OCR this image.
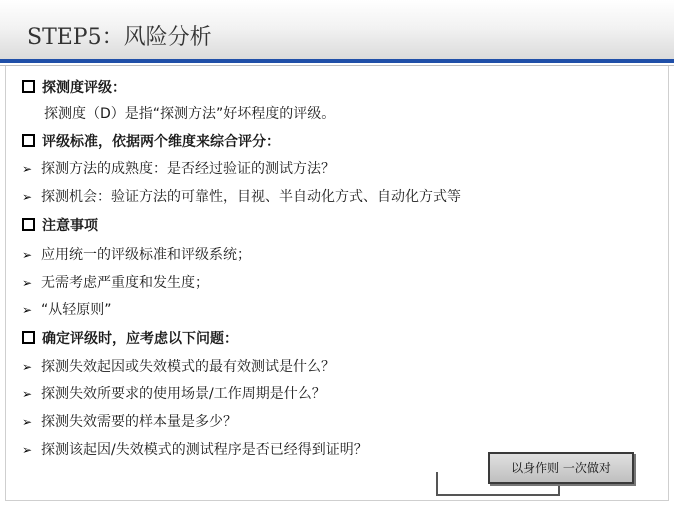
STEP5：风险分析
探测度评级：
探测度（D）是指“探测方法”好坏程度的评级。
评级标准，依据两个维度来综合评分：
➢ 探测方法的成熟度：是否经过验证的测试方法？
➢ 探测机会：验证方法的可靠性，目视、半自动化方式、自动化方式等
注意事项
➢ 应用统一的评级标准和评级系统；
➢ 无需考虑严重度和发生度；
➢ “从轻原则”
确定评级时，应考虑以下问题：
➢ 探测失效起因或失效模式的最有效测试是什么？
➢ 探测失效所要求的使用场景/工作周期是什么？
➢ 探测失效需要的样本量是多少？
➢ 探测该起因/失效模式的测试程序是否已经得到证明？
以身作则 一次做对
